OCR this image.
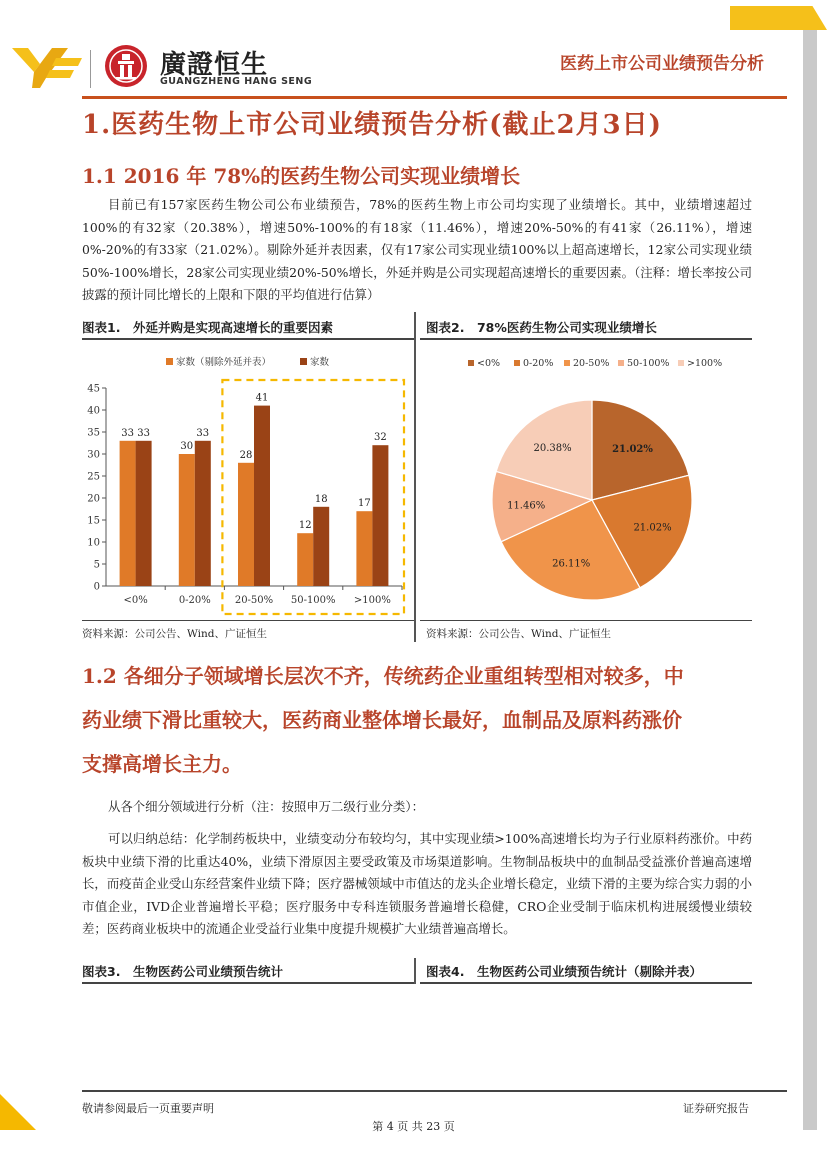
廣證恒生
GUANGZHENG HANG SENG
医药上市公司业绩预告分析
1.医药生物上市公司业绩预告分析(截止2月3日)
1.1 2016 年 78%的医药生物公司实现业绩增长

目前已有157家医药生物公司公布业绩预告，78%的医药生物上市公司均实现了业绩增长。其中，业绩增速超过100%的有32家（20.38%），增速50%-100%的有18家（11.46%），增速20%-50%的有41家（26.11%），增速0%-20%的有33家（21.02%）。剔除外延并表因素，仅有17家公司实现业绩100%以上超高速增长，12家公司实现业绩50%-100%增长，28家公司实现业绩20%-50%增长，外延并购是公司实现超高速增长的重要因素。（注释：增长率按公司披露的预计同比增长的上限和下限的平均值进行估算）

图表1.　外延并购是实现高速增长的重要因素	图表2.　78%医药生物公司实现业绩增长
家数（剔除外延并表）	家数
0
5
10
15
20
25
30
35
40
45
<0%
33 33
0-20%
30
33
20-50%
28
41
50-100%
12
18
>100%
17
32
资料来源：公司公告、Wind、广证恒生
<0% 0-20% 20-50% 50-100% >100%
21.02%
21.02%
26.11%
11.46%
20.38%
资料来源：公司公告、Wind、广证恒生
1.2 各细分子领域增长层次不齐，传统药企业重组转型相对较多，中
药业绩下滑比重较大，医药商业整体增长最好，血制品及原料药涨价
支撑高增长主力。

从各个细分领域进行分析（注：按照申万二级行业分类）：

可以归纳总结：化学制药板块中，业绩变动分布较均匀，其中实现业绩>100%高速增长均为子行业原料药涨价。中药板块中业绩下滑的比重达40%，业绩下滑原因主要受政策及市场渠道影响。生物制品板块中的血制品受益涨价普遍高速增长，而疫苗企业受山东经营案件业绩下降；医疗器械领域中市值达的龙头企业增长稳定，业绩下滑的主要为综合实力弱的小市值企业，IVD企业普遍增长平稳；医疗服务中专科连锁服务普遍增长稳健，CRO企业受制于临床机构进展缓慢业绩较差；医药商业板块中的流通企业受益行业集中度提升规模扩大业绩普遍高增长。

图表3.　生物医药公司业绩预告统计	图表4.　生物医药公司业绩预告统计（剔除并表）
敬请参阅最后一页重要声明	证券研究报告
第 4 页 共 23 页
